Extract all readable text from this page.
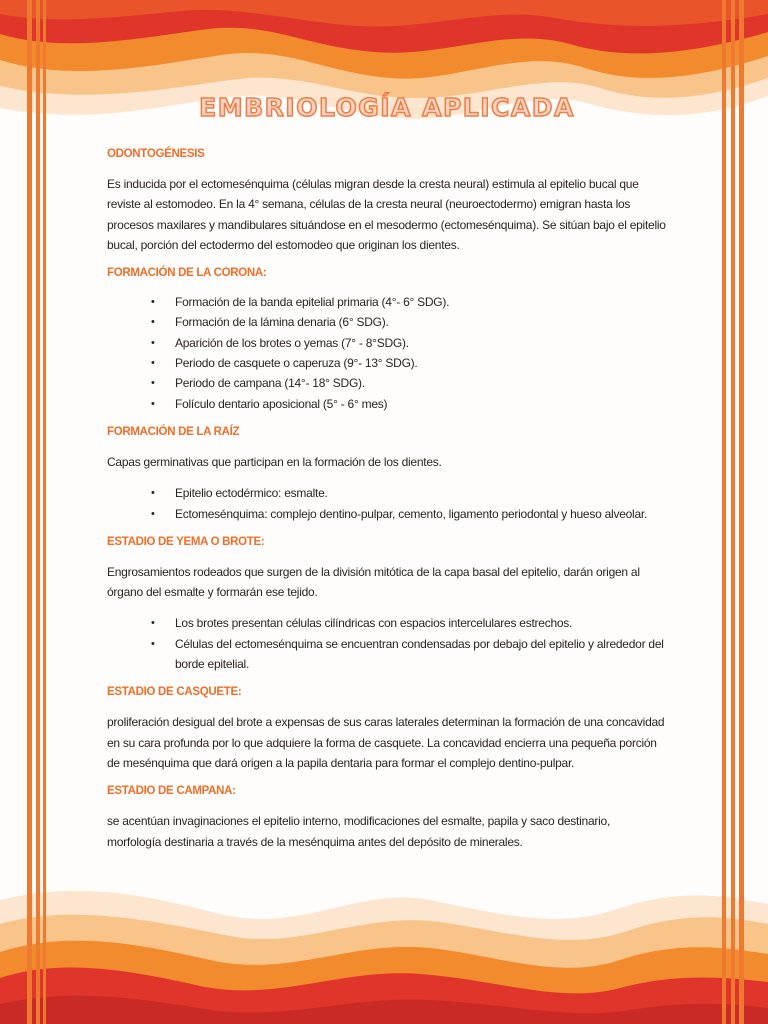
EMBRIOLOGÍA APLICADA
ODONTOGÉNESIS

Es inducida por el ectomesénquima (células migran desde la cresta neural) estimula al epitelio bucal que reviste al estomodeo. En la 4° semana, células de la cresta neural (neuroectodermo) emigran hasta los procesos maxilares y mandibulares situándose en el mesodermo (ectomesénquima). Se sitúan bajo el epitelio bucal, porción del ectodermo del estomodeo que originan los dientes.

FORMACIÓN DE LA CORONA:
• Formación de la banda epitelial primaria (4°- 6° SDG).
• Formación de la lámina denaria (6° SDG).
• Aparición de los brotes o yemas (7° - 8°SDG).
• Periodo de casquete o caperuza (9°- 13° SDG).
• Periodo de campana (14°- 18° SDG).
• Folículo dentario aposicional (5° - 6° mes)
FORMACIÓN DE LA RAÍZ

Capas germinativas que participan en la formación de los dientes.

• Epitelio ectodérmico: esmalte.
• Ectomesénquima: complejo dentino-pulpar, cemento, ligamento periodontal y hueso alveolar.
ESTADIO DE YEMA O BROTE:

Engrosamientos rodeados que surgen de la división mitótica de la capa basal del epitelio, darán origen al órgano del esmalte y formarán ese tejido.

• Los brotes presentan células cilíndricas con espacios intercelulares estrechos.
• Células del ectomesénquima se encuentran condensadas por debajo del epitelio y alrededor del borde epitelial.
ESTADIO DE CASQUETE:

proliferación desigual del brote a expensas de sus caras laterales determinan la formación de una concavidad en su cara profunda por lo que adquiere la forma de casquete. La concavidad encierra una pequeña porción de mesénquima que dará origen a la papila dentaria para formar el complejo dentino-pulpar.

ESTADIO DE CAMPANA:

se acentúan invaginaciones el epitelio interno, modificaciones del esmalte, papila y saco destinario, morfología destinaria a través de la mesénquima antes del depósito de minerales.
